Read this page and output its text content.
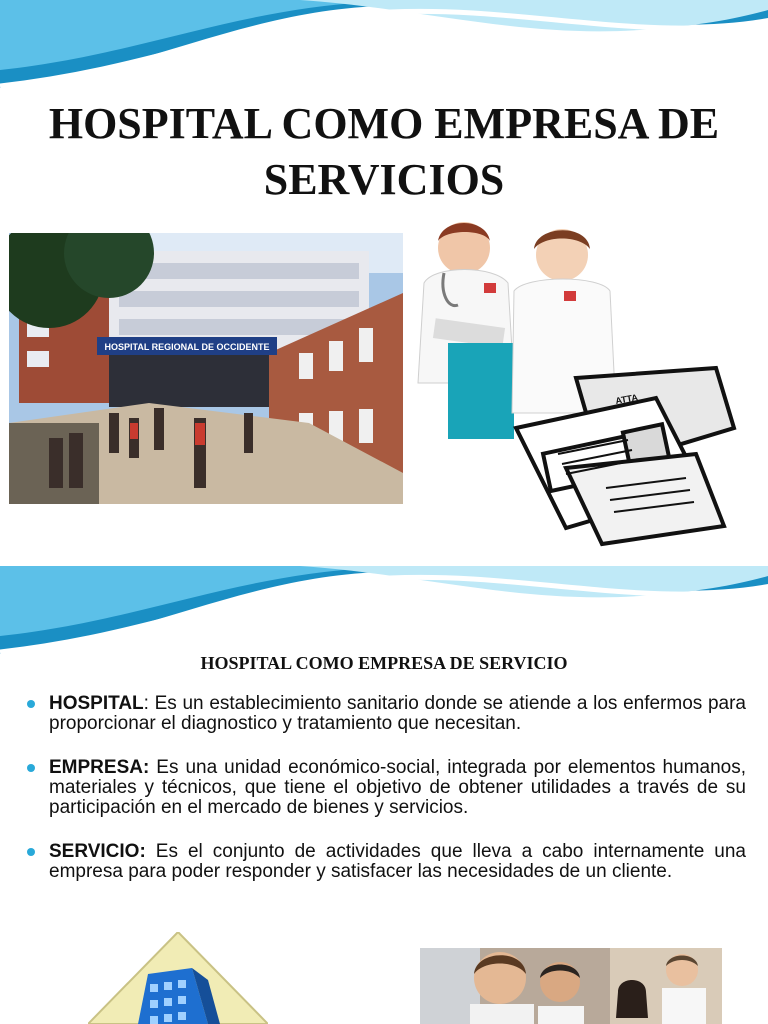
HOSPITAL COMO EMPRESA DE SERVICIOS
HOSPITAL REGIONAL DE OCCIDENTE
ATTA
HOSPITAL COMO EMPRESA DE SERVICIO
HOSPITAL: Es un establecimiento sanitario donde se atiende a los enfermos para proporcionar el diagnostico y tratamiento que necesitan.
EMPRESA: Es una unidad económico-social, integrada por elementos humanos, materiales y técnicos, que tiene el objetivo de obtener utilidades a través de su participación en el mercado de bienes y servicios.
SERVICIO: Es el conjunto de actividades que lleva a cabo internamente una empresa para poder responder y satisfacer las necesidades de un cliente.
